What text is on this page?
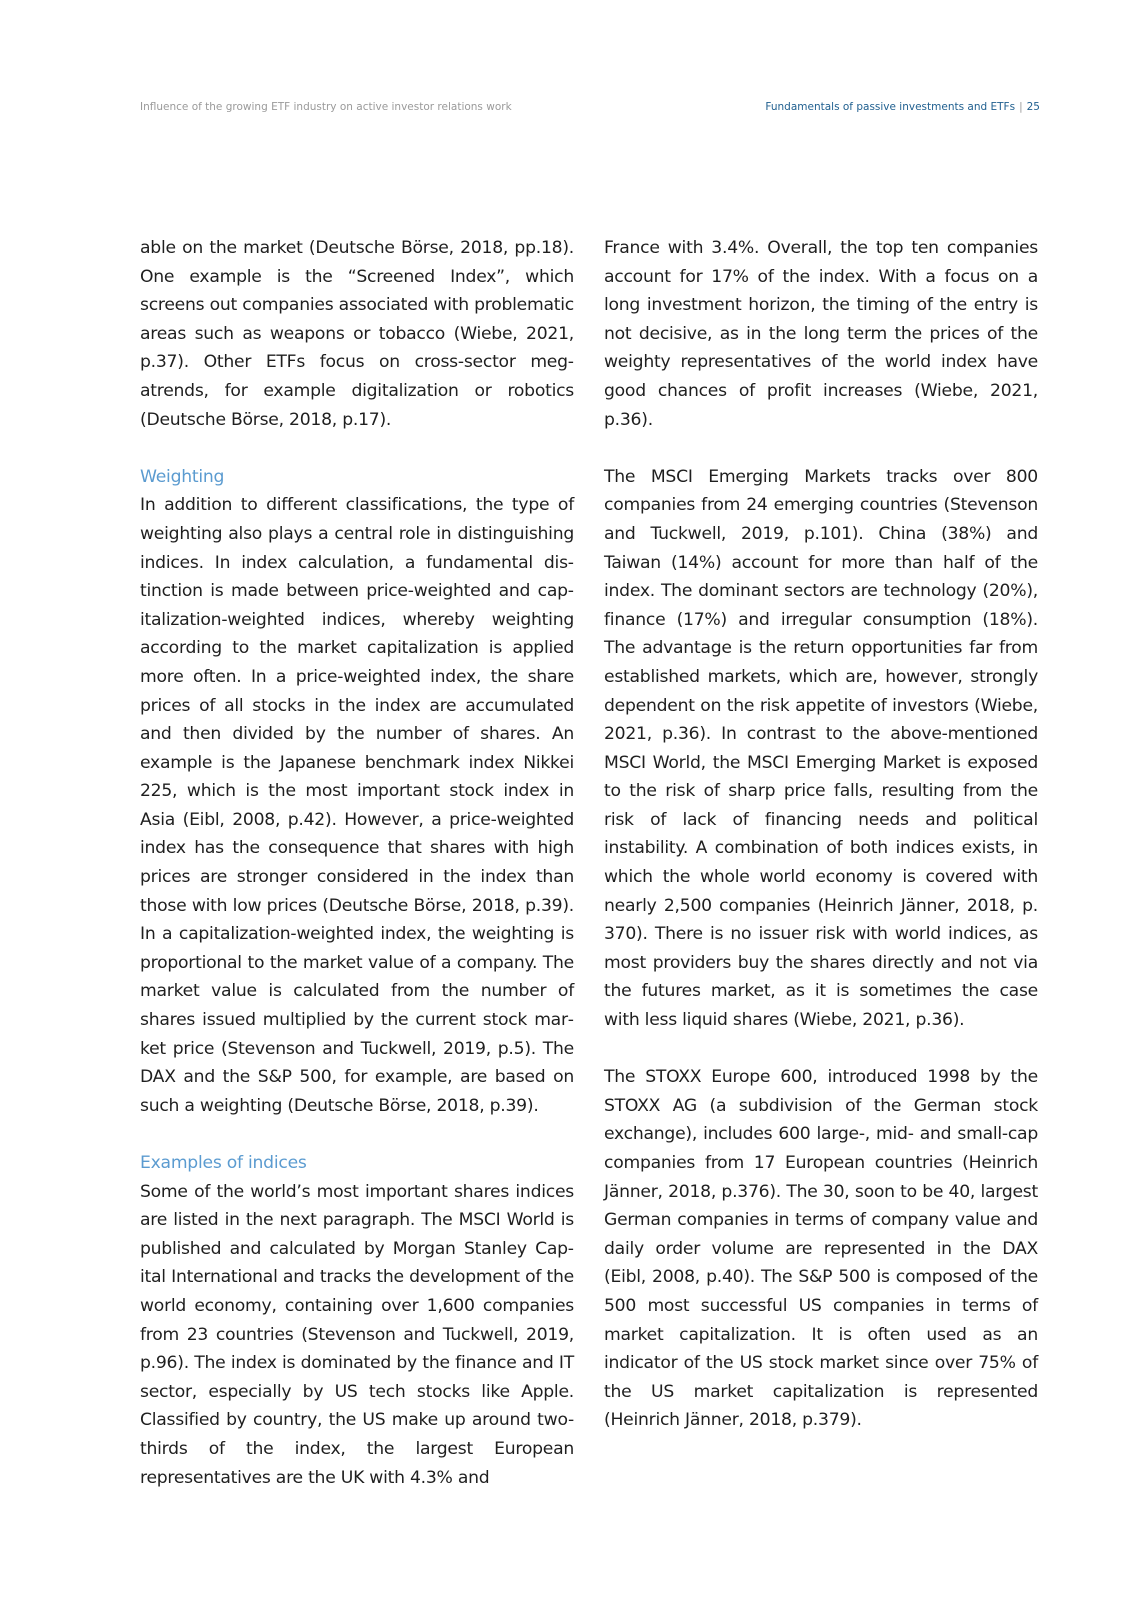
Influence of the growing ETF industry on active investor relations work	Fundamentals of passive investments and ETFs | 25

able on the market (Deutsche Börse, 2018, pp.18). One example is the “Screened Index”, which screens out companies associated with problematic areas such as weapons or tobacco (Wiebe, 2021, p.37). Other ETFs focus on cross-sector megatrends, for example digitalization or robotics (Deutsche Börse, 2018, p.17).

Weighting

In addition to different classifications, the type of weighting also plays a central role in distinguishing indices. In index calculation, a fundamental distinction is made between price-weighted and capitalization-weighted indices, whereby weighting according to the market capitalization is applied more often. In a price-weighted index, the share prices of all stocks in the index are accumulated and then divided by the number of shares. An example is the Japanese benchmark index Nikkei 225, which is the most important stock index in Asia (Eibl, 2008, p.42). However, a price-weighted index has the consequence that shares with high prices are stronger considered in the index than those with low prices (Deutsche Börse, 2018, p.39). In a capitalization-weighted index, the weighting is proportional to the market value of a company. The market value is calculated from the number of shares issued multiplied by the current stock market price (Stevenson and Tuckwell, 2019, p.5). The DAX and the S&P 500, for example, are based on such a weighting (Deutsche Börse, 2018, p.39).

Examples of indices

Some of the world’s most important shares indices are listed in the next paragraph. The MSCI World is published and calculated by Morgan Stanley Capital International and tracks the development of the world economy, containing over 1,600 companies from 23 countries (Stevenson and Tuckwell, 2019, p.96). The index is dominated by the finance and IT sector, especially by US tech stocks like Apple. Classified by country, the US make up around two-thirds of the index, the largest European representatives are the UK with 4.3% and

France with 3.4%. Overall, the top ten companies account for 17% of the index. With a focus on a long investment horizon, the timing of the entry is not decisive, as in the long term the prices of the weighty representatives of the world index have good chances of profit increases (Wiebe, 2021, p.36).

The MSCI Emerging Markets tracks over 800 companies from 24 emerging countries (Stevenson and Tuckwell, 2019, p.101). China (38%) and Taiwan (14%) account for more than half of the index. The dominant sectors are technology (20%), finance (17%) and irregular consumption (18%). The advantage is the return opportunities far from established markets, which are, however, strongly dependent on the risk appetite of investors (Wiebe, 2021, p.36). In contrast to the above-mentioned MSCI World, the MSCI Emerging Market is exposed to the risk of sharp price falls, resulting from the risk of lack of financing needs and political instability. A combination of both indices exists, in which the whole world economy is covered with nearly 2,500 companies (Heinrich Jänner, 2018, p. 370). There is no issuer risk with world indices, as most providers buy the shares directly and not via the futures market, as it is sometimes the case with less liquid shares (Wiebe, 2021, p.36).

The STOXX Europe 600, introduced 1998 by the STOXX AG (a subdivision of the German stock exchange), includes 600 large-, mid- and small-cap companies from 17 European countries (Heinrich Jänner, 2018, p.376). The 30, soon to be 40, largest German companies in terms of company value and daily order volume are represented in the DAX (Eibl, 2008, p.40). The S&P 500 is composed of the 500 most successful US companies in terms of market capitalization. It is often used as an indicator of the US stock market since over 75% of the US market capitalization is represented (Heinrich Jänner, 2018, p.379).
